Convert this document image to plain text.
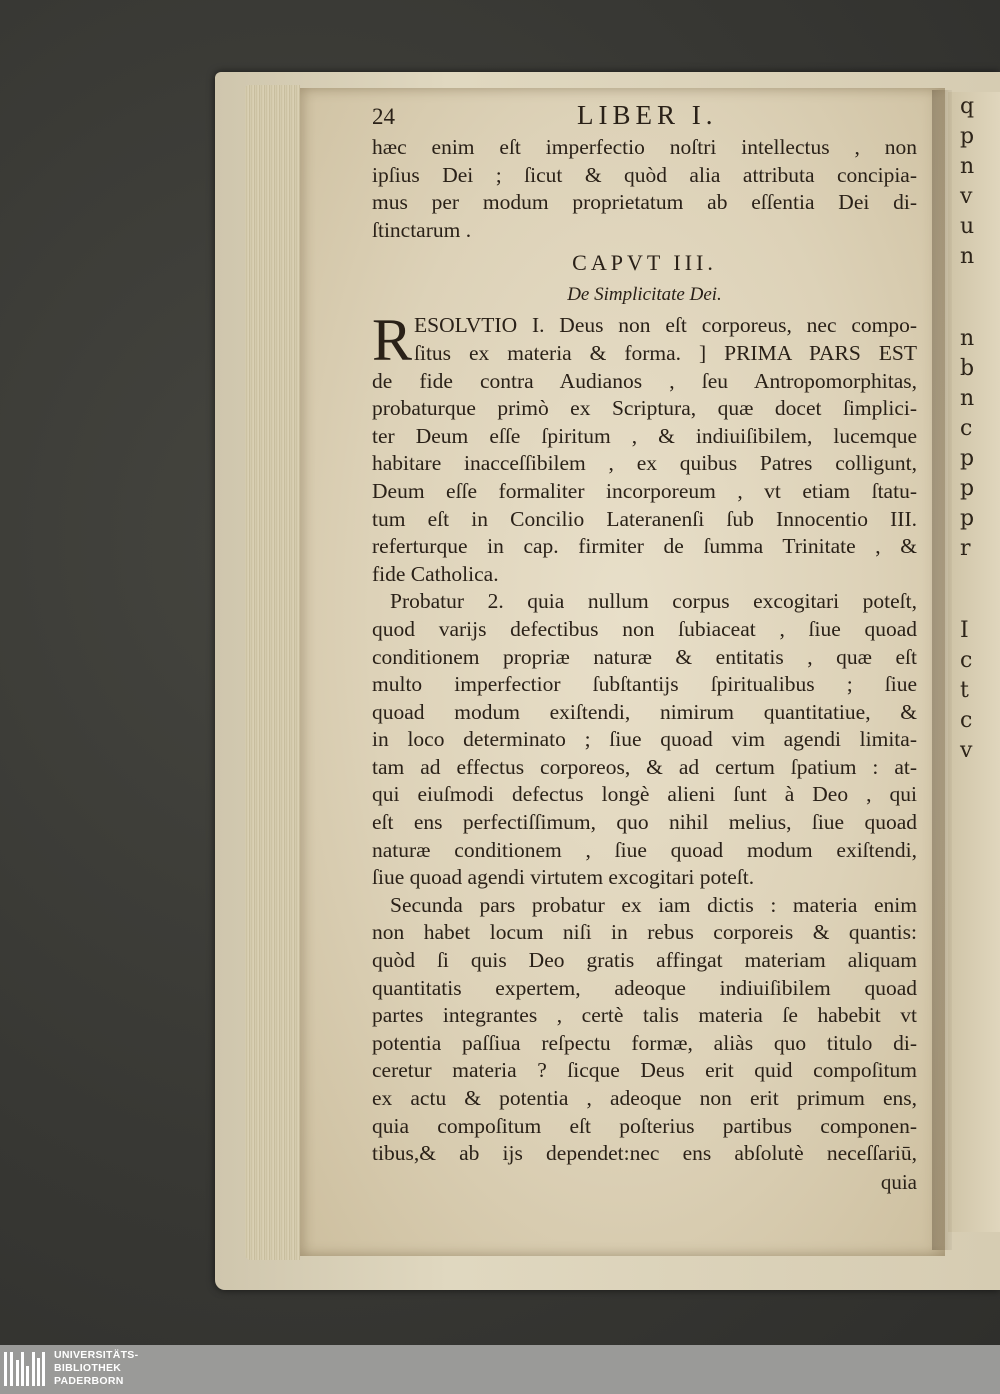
q
p
n
v
u
n
n
b
n
c
p
p
p
r
I
c
t
c
v
24	LIBER I.
hæc enim eſt imperfectio noſtri intellectus , non
ipſius Dei ; ſicut & quòd alia attributa concipia-
mus per modum proprietatum ab eſſentia Dei di-
ſtinctarum .
CAPVT III.
De Simplicitate Dei.
R ESOLVTIO I. Deus non eſt corporeus, nec compo-
ſitus ex materia & forma. ] PRIMA PARS EST
de fide contra Audianos , ſeu Antropomorphitas,
probaturque primò ex Scriptura, quæ docet ſimplici-
ter Deum eſſe ſpiritum , & indiuiſibilem, lucemque
habitare inacceſſibilem , ex quibus Patres colligunt,
Deum eſſe formaliter incorporeum , vt etiam ſtatu-
tum eſt in Concilio Lateranenſi ſub Innocentio III.
referturque in cap. firmiter de ſumma Trinitate , &
fide Catholica.
Probatur 2. quia nullum corpus excogitari poteſt,
quod varijs defectibus non ſubiaceat , ſiue quoad
conditionem propriæ naturæ & entitatis , quæ eſt
multo imperfectior ſubſtantijs ſpiritualibus ; ſiue
quoad modum exiſtendi, nimirum quantitatiue, &
in loco determinato ; ſiue quoad vim agendi limita-
tam ad effectus corporeos, & ad certum ſpatium : at-
qui eiuſmodi defectus longè alieni ſunt à Deo , qui
eſt ens perfectiſſimum, quo nihil melius, ſiue quoad
naturæ conditionem , ſiue quoad modum exiſtendi,
ſiue quoad agendi virtutem excogitari poteſt.
Secunda pars probatur ex iam dictis : materia enim
non habet locum niſi in rebus corporeis & quantis:
quòd ſi quis Deo gratis affingat materiam aliquam
quantitatis expertem, adeoque indiuiſibilem quoad
partes integrantes , certè talis materia ſe habebit vt
potentia paſſiua reſpectu formæ, aliàs quo titulo di-
ceretur materia ? ſicque Deus erit quid compoſitum
ex actu & potentia , adeoque non erit primum ens,
quia compoſitum eſt poſterius partibus componen-
tibus,& ab ijs dependet:nec ens abſolutè neceſſariū,
quia
UNIVERSITÄTS-
BIBLIOTHEK
PADERBORN
